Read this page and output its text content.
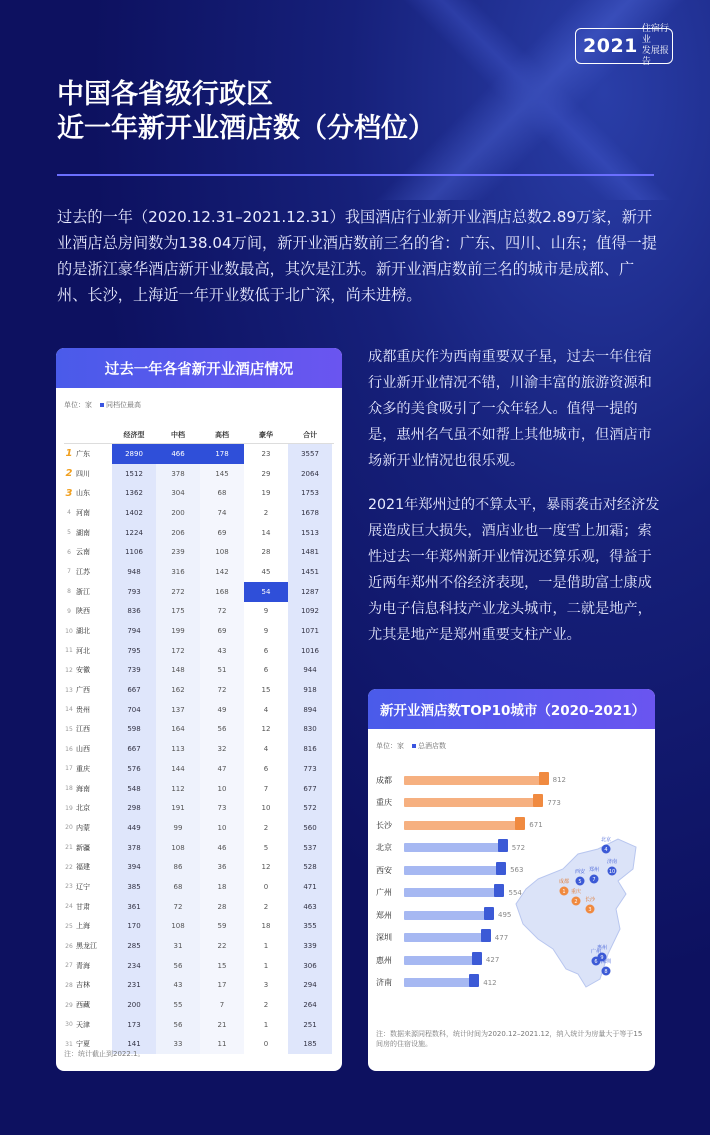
2021
住宿行业
发展报告
中国各省级行政区
近一年新开业酒店数（分档位）
过去的一年（2020.12.31–2021.12.31）我国酒店行业新开业酒店总数2.89万家，新开业酒店总房间数为138.04万间，新开业酒店数前三名的省：广东、四川、山东；值得一提的是浙江豪华酒店新开业数最高，其次是江苏。新开业酒店数前三名的城市是成都、广州、长沙，上海近一年开业数低于北广深，尚未进榜。
过去一年各省新开业酒店情况
单位：家	同档位最高
经济型	中档	高档	豪华	合计
1 广东	2890	466	178	23	3557
2 四川	1512	378	145	29	2064
3 山东	1362	304	68	19	1753
4 河南	1402	200	74	2	1678
5 湖南	1224	206	69	14	1513
6 云南	1106	239	108	28	1481
7 江苏	948	316	142	45	1451
8 浙江	793	272	168	54	1287
9 陕西	836	175	72	9	1092
10 湖北	794	199	69	9	1071
11 河北	795	172	43	6	1016
12 安徽	739	148	51	6	944
13 广西	667	162	72	15	918
14 贵州	704	137	49	4	894
15 江西	598	164	56	12	830
16 山西	667	113	32	4	816
17 重庆	576	144	47	6	773
18 海南	548	112	10	7	677
19 北京	298	191	73	10	572
20 内蒙	449	99	10	2	560
21 新疆	378	108	46	5	537
22 福建	394	86	36	12	528
23 辽宁	385	68	18	0	471
24 甘肃	361	72	28	2	463
25 上海	170	108	59	18	355
26 黑龙江	285	31	22	1	339
27 青海	234	56	15	1	306
28 吉林	231	43	17	3	294
29 西藏	200	55	7	2	264
30 天津	173	56	21	1	251
31 宁夏	141	33	11	0	185
注：统计截止到2022.1。
成都重庆作为西南重要双子星，过去一年住宿行业新开业情况不错，川渝丰富的旅游资源和众多的美食吸引了一众年轻人。值得一提的是，惠州名气虽不如帮上其他城市，但酒店市场新开业情况也很乐观。
2021年郑州过的不算太平，暴雨袭击对经济发展造成巨大损失，酒店业也一度雪上加霜；索性过去一年郑州新开业情况还算乐观，得益于近两年郑州不俗经济表现，一是借助富士康成为电子信息科技产业龙头城市，二就是地产，尤其是地产是郑州重要支柱产业。
新开业酒店数TOP10城市（2020-2021）
单位：家	总酒店数
北京
4
西安
5
郑州
7
成都
1 重庆
2 长沙
3
济南
10
惠州
9
广州
6 深圳
8
成都	812
重庆	773
长沙	671
北京	572
西安	563
广州	554
郑州	495
深圳	477
惠州	427
济南	412
注：数据来源同程数科，统计时间为2020.12–2021.12，纳入统计为房量大于等于15间房的住宿设施。
